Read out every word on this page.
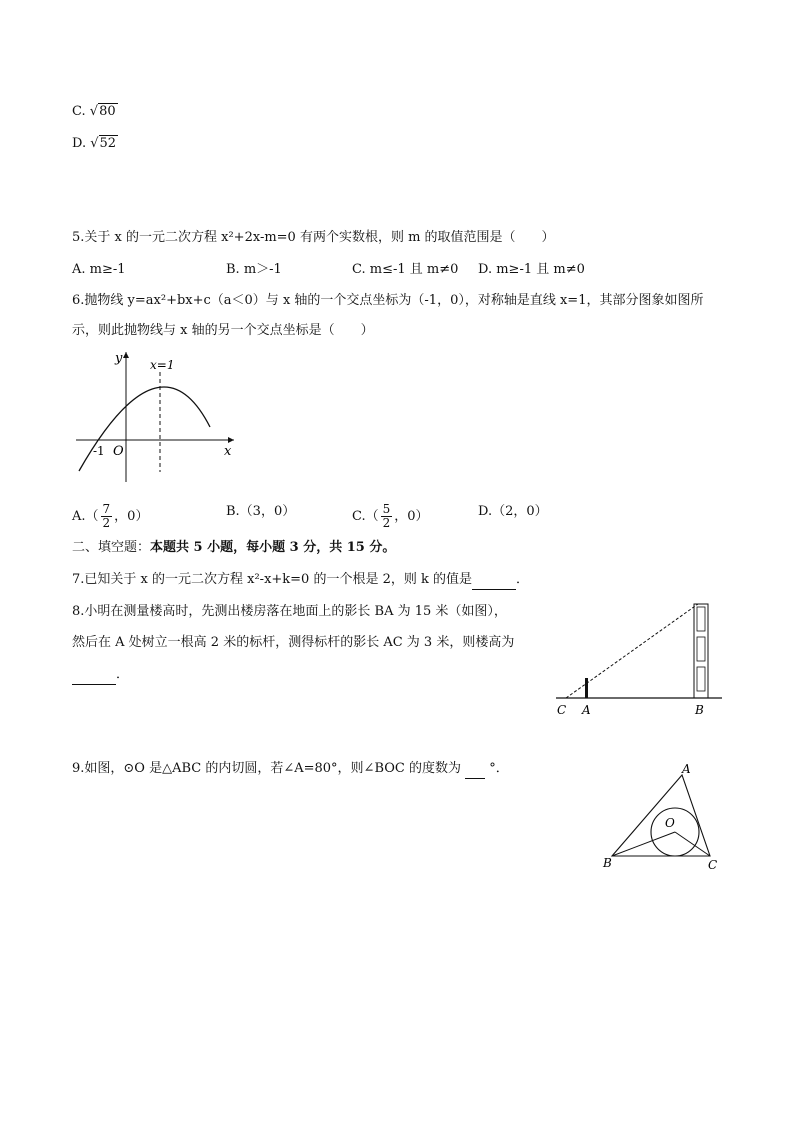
C. √80
D. √52
5.关于 x 的一元二次方程 x²+2x-m=0 有两个实数根，则 m 的取值范围是（　　）
A. m≥-1	B. m＞-1	C. m≤-1 且 m≠0 D. m≥-1 且 m≠0
6.抛物线 y=ax²+bx+c（a＜0）与 x 轴的一个交点坐标为（-1，0），对称轴是直线 x=1，其部分图象如图所
示，则此抛物线与 x 轴的另一个交点坐标是（　　）
y
x
O
-1
x=1
$A.( \frac{7}{2}$ ，0）	B.（3，0）	$C.( \frac{5}{2}$ ，0）	D.（2，0）
二、填空题：本题共 5 小题，每小题 3 分，共 15 分。
7.已知关于 x 的一元二次方程 x²-x+k=0 的一个根是 2，则 k 的值是	．
8.小明在测量楼高时，先测出楼房落在地面上的影长 BA 为 15 米（如图），
然后在 A 处树立一根高 2 米的标杆，测得标杆的影长 AC 为 3 米，则楼高为
．
C A	B
9.如图，⊙O 是△ABC 的内切圆，若∠A=80°，则∠BOC 的度数为 °．	A
B	C
O
